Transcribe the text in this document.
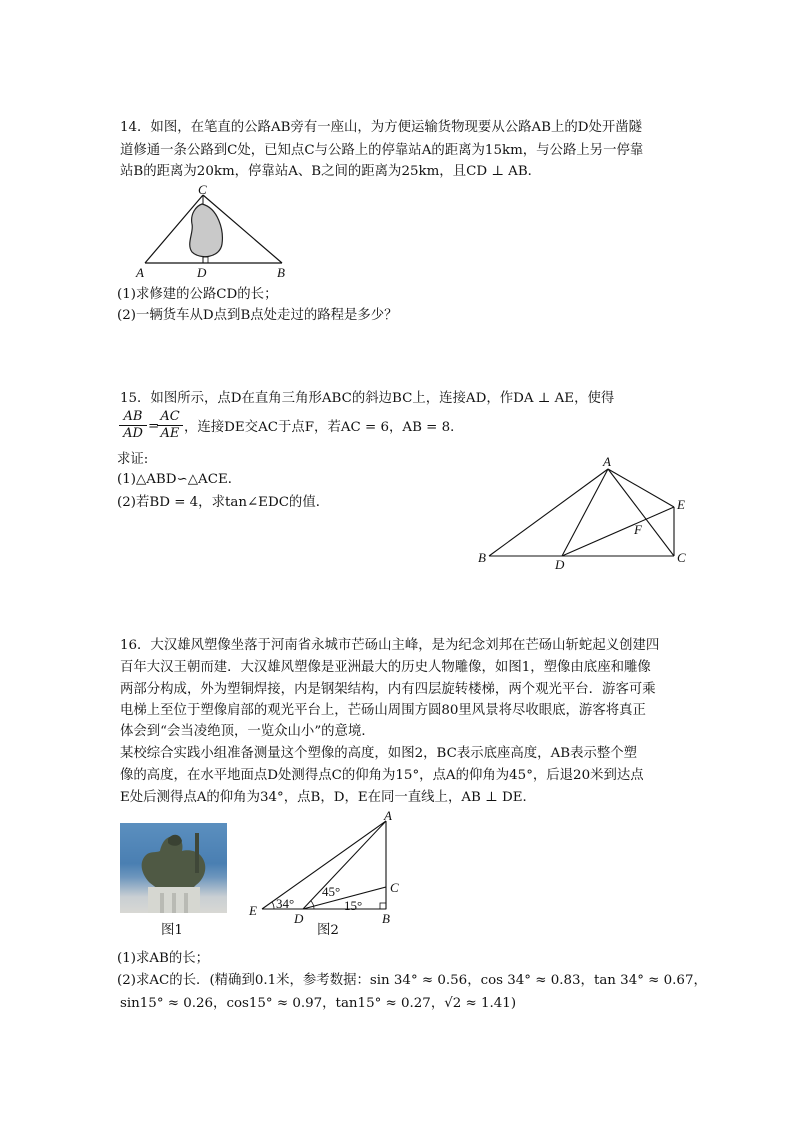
14．如图，在笔直的公路AB旁有一座山，为方便运输货物现要从公路AB上的D处开凿隧
道修通一条公路到C处，已知点C与公路上的停靠站A的距离为15km，与公路上另一停靠
站B的距离为20km，停靠站A、B之间的距离为25km，且CD ⊥ AB．
C
A	D	B
(1)求修建的公路CD的长；
(2)一辆货车从D点到B点处走过的路程是多少？
15．如图所示，点D在直角三角形ABC的斜边BC上，连接AD，作DA ⊥ AE，使得
$\frac{AB}{AD}$ =
$\frac{AC}{AE}$ ，连接DE交AC于点F，若AC = 6，AB = 8．
求证:
(1)△ABD∽△ACE．
(2)若BD = 4，求tan∠EDC的值．
A
E
F
B	D	C
16．大汉雄风塑像坐落于河南省永城市芒砀山主峰，是为纪念刘邦在芒砀山斩蛇起义创建四
百年大汉王朝而建．大汉雄风塑像是亚洲最大的历史人物雕像，如图1，塑像由底座和雕像
两部分构成，外为塑铜焊接，内是钢架结构，内有四层旋转楼梯，两个观光平台．游客可乘
电梯上至位于塑像肩部的观光平台上，芒砀山周围方圆80里风景将尽收眼底，游客将真正
体会到“会当凌绝顶，一览众山小”的意境．
某校综合实践小组准备测量这个塑像的高度，如图2，BC表示底座高度，AB表示整个塑
像的高度，在水平地面点D处测得点C的仰角为15°，点A的仰角为45°，后退20米到达点
E处后测得点A的仰角为34°，点B，D，E在同一直线上，AB ⊥ DE．
图1
A
C
E
D	B
34°
45°
15°
图2
(1)求AB的长；
(2)求AC的长．(精确到0.1米，参考数据：sin 34° ≈ 0.56，cos 34° ≈ 0.83，tan 34° ≈ 0.67，
sin15° ≈ 0.26，cos15° ≈ 0.97，tan15° ≈ 0.27，√2 ≈ 1.41)
